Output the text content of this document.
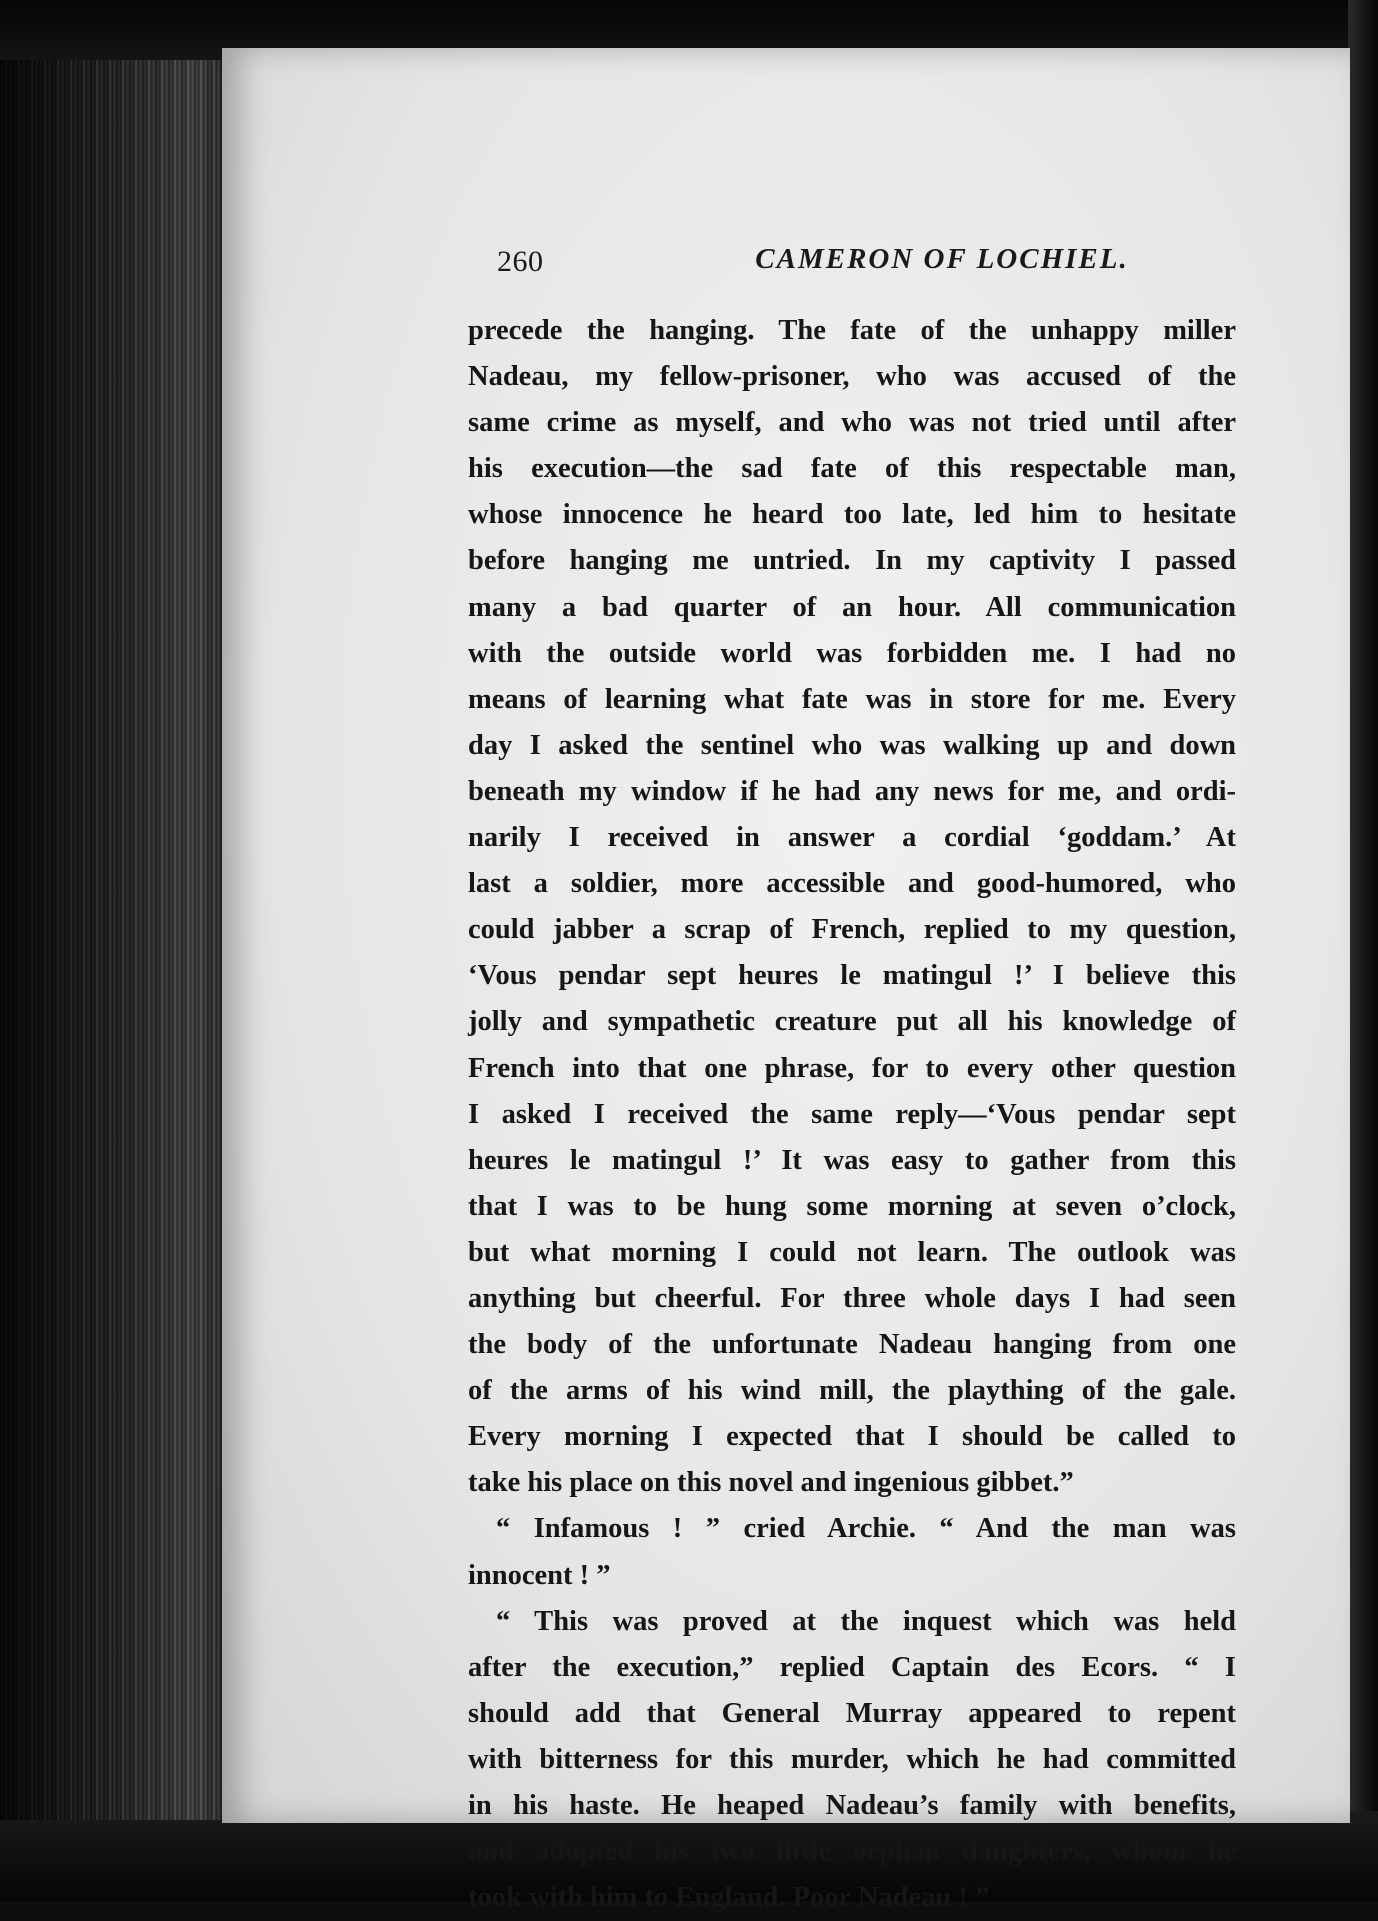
260	CAMERON OF LOCHIEL.
precede the hanging. The fate of the unhappy miller
Nadeau, my fellow-prisoner, who was accused of the
same crime as myself, and who was not tried until after
his execution—the sad fate of this respectable man,
whose innocence he heard too late, led him to hesitate
before hanging me untried. In my captivity I passed
many a bad quarter of an hour. All communication
with the outside world was forbidden me. I had no
means of learning what fate was in store for me. Every
day I asked the sentinel who was walking up and down
beneath my window if he had any news for me, and ordi-
narily I received in answer a cordial ‘goddam.’ At
last a soldier, more accessible and good-humored, who
could jabber a scrap of French, replied to my question,
‘Vous pendar sept heures le matingul !’ I believe this
jolly and sympathetic creature put all his knowledge of
French into that one phrase, for to every other question
I asked I received the same reply—‘Vous pendar sept
heures le matingul !’ It was easy to gather from this
that I was to be hung some morning at seven o’clock,
but what morning I could not learn. The outlook was
anything but cheerful. For three whole days I had seen
the body of the unfortunate Nadeau hanging from one
of the arms of his wind mill, the plaything of the gale.
Every morning I expected that I should be called to
take his place on this novel and ingenious gibbet.”
“ Infamous ! ” cried Archie. “ And the man was
innocent ! ”
“ This was proved at the inquest which was held
after the execution,” replied Captain des Ecors. “ I
should add that General Murray appeared to repent
with bitterness for this murder, which he had committed
in his haste. He heaped Nadeau’s family with benefits,
and adopted his two little orphan daughters, whom he
took with him to England. Poor Nadeau ! ”
